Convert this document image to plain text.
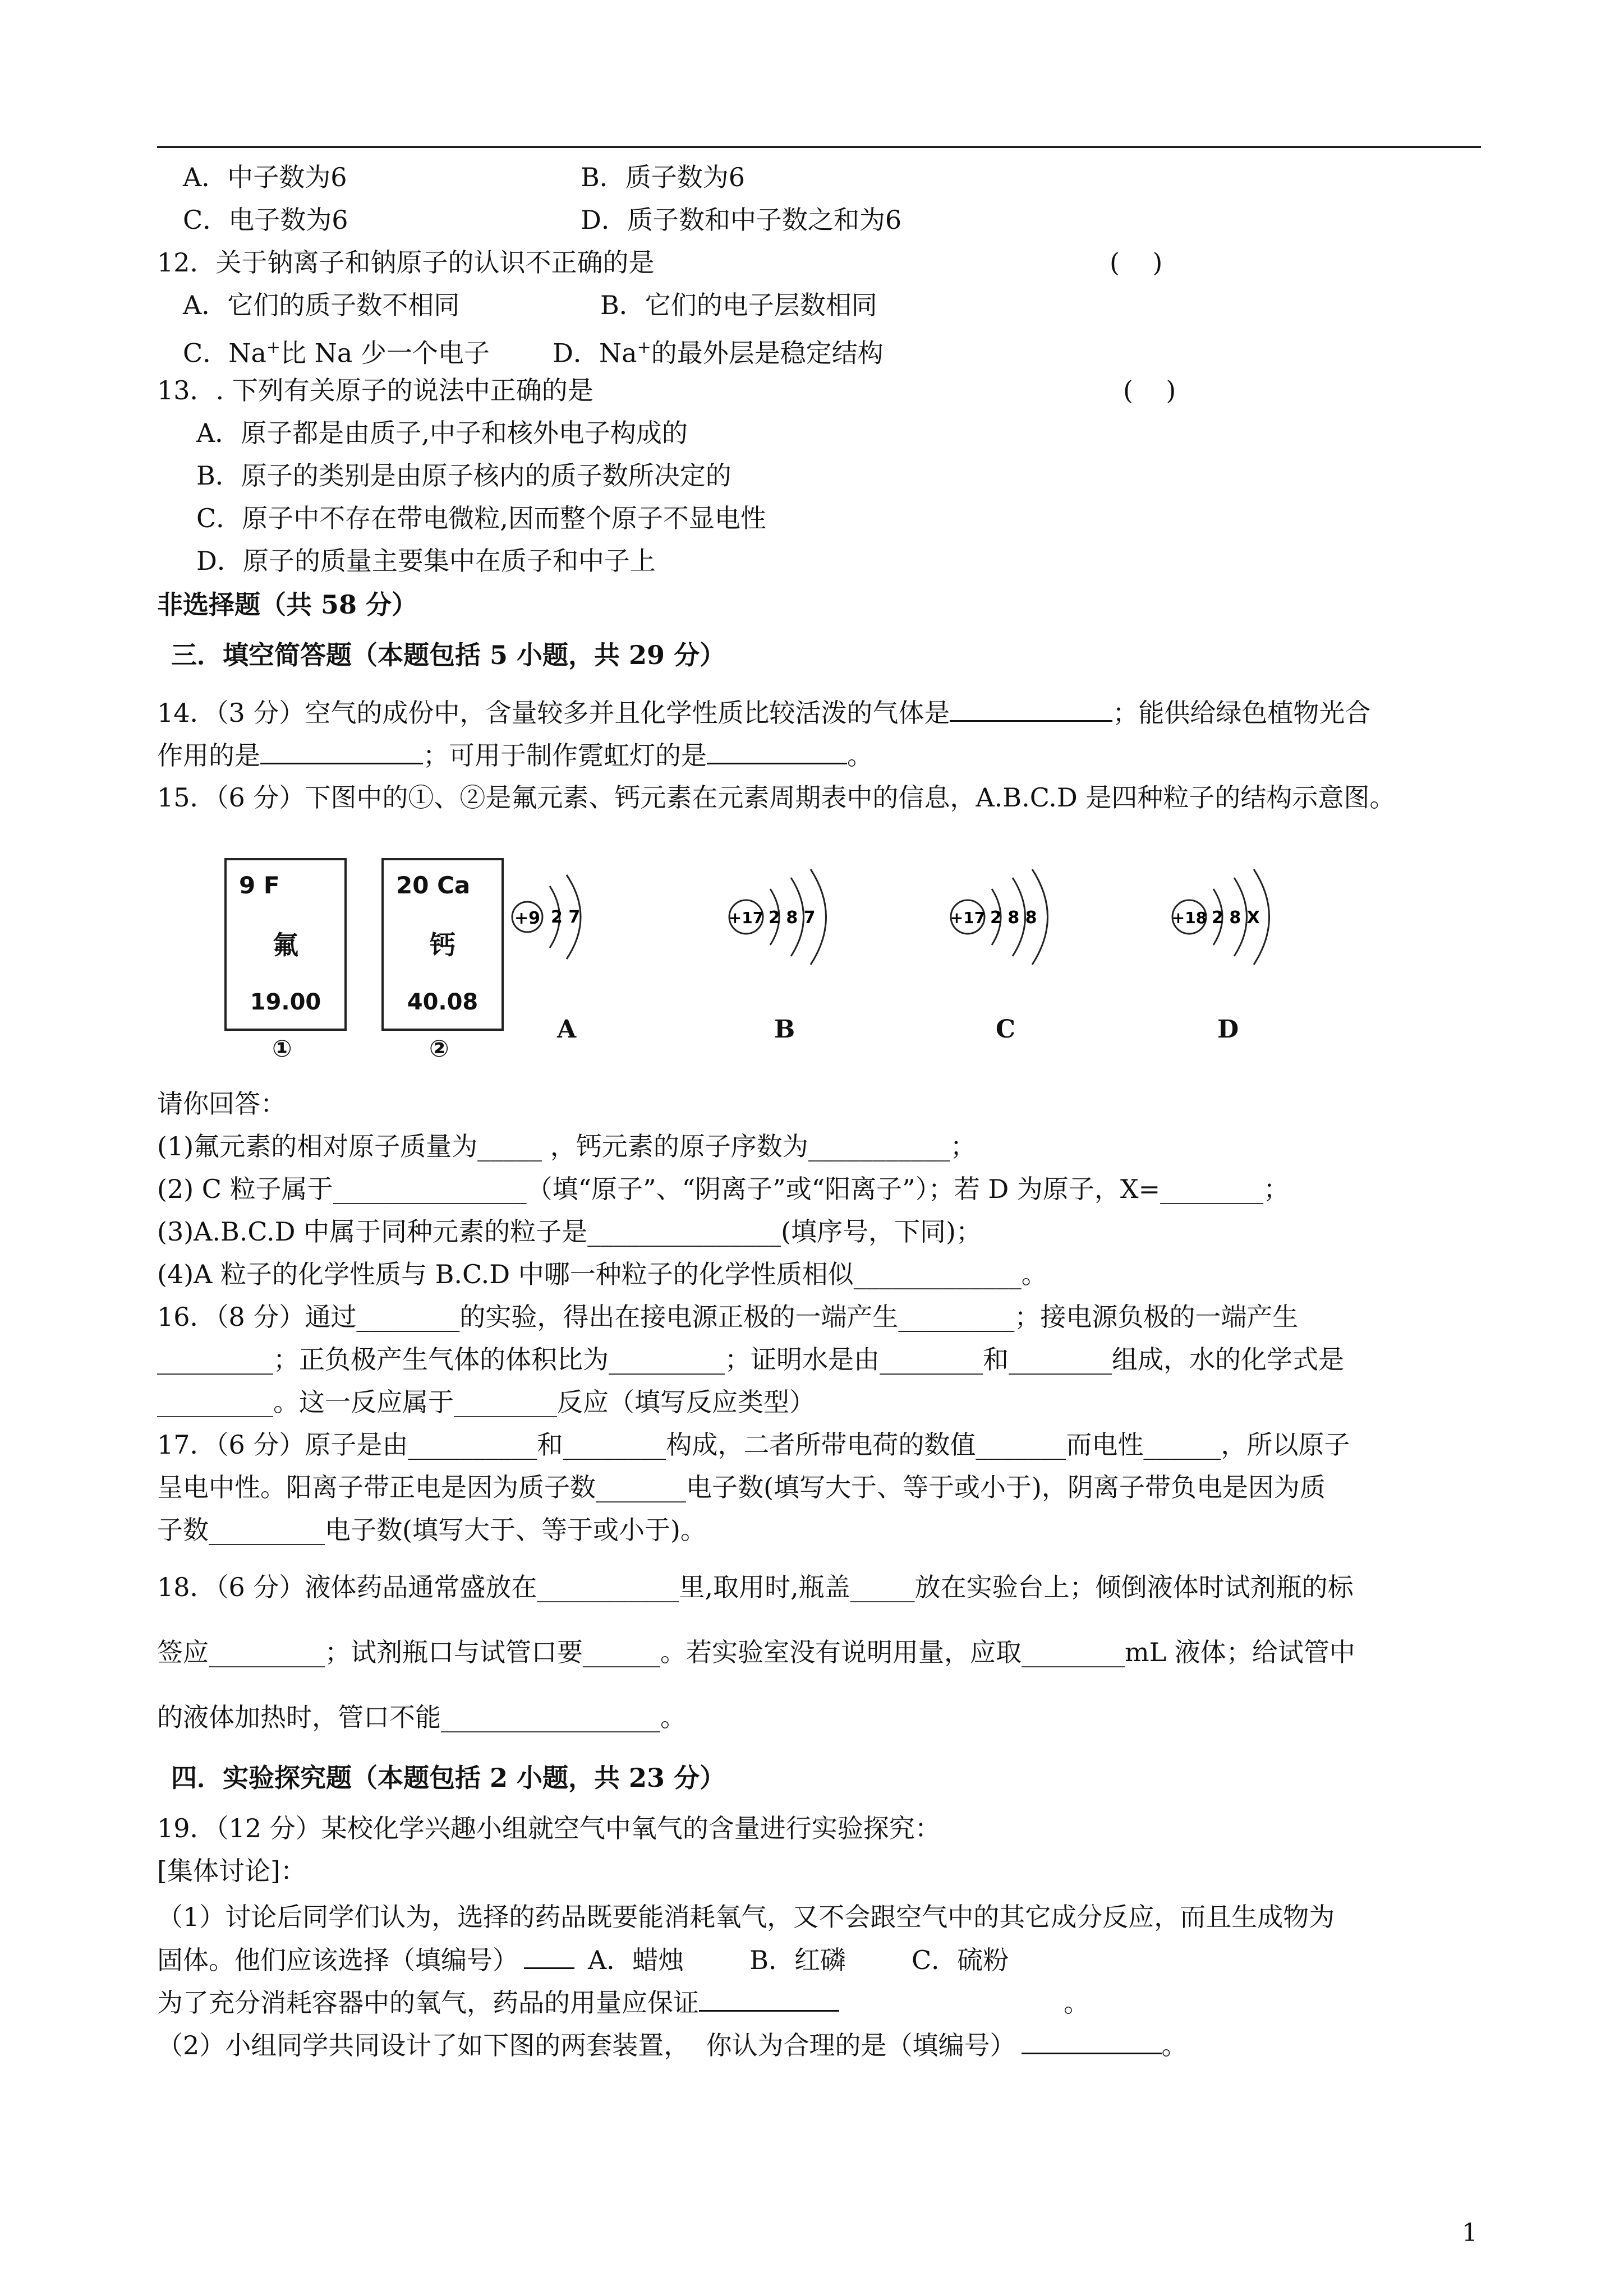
A．中子数为6	B．质子数为6
C．电子数为6	D．质子数和中子数之和为6
12．关于钠离子和钠原子的认识不正确的是	(    )
A．它们的质子数不相同	B．它们的电子层数相同
C．Na+比 Na 少一个电子 D．Na+的最外层是稳定结构
13．. 下列有关原子的说法中正确的是	(    )
A．原子都是由质子,中子和核外电子构成的
B．原子的类别是由原子核内的质子数所决定的
C．原子中不存在带电微粒,因而整个原子不显电性
D．原子的质量主要集中在质子和中子上
非选择题（共 58 分）
三．填空简答题（本题包括 5 小题，共 29 分）
14．（3 分）空气的成份中，含量较多并且化学性质比较活泼的气体是	；能供给绿色植物光合
作用的是	；可用于制作霓虹灯的是	。
15．（6 分）下图中的①、②是氟元素、钙元素在元素周期表中的信息，A.B.C.D 是四种粒子的结构示意图。
9 F
氟
19.00
①
20 Ca
钙
40.08
②
+9 2 7	+17 2 8 7	+17 2 8 8	+18 2 8 X
A	B	C	D
请你回答：
(1)氟元素的相对原子质量为_____ ，钙元素的原子序数为___________；
(2) C 粒子属于_______________（填“原子”、“阴离子”或“阳离子”）；若 D 为原子，X=________；
(3)A.B.C.D 中属于同种元素的粒子是_______________(填序号，下同)；
(4)A 粒子的化学性质与 B.C.D 中哪一种粒子的化学性质相似_____________。
16．（8 分）通过________的实验，得出在接电源正极的一端产生_________；接电源负极的一端产生
_________；正负极产生气体的体积比为_________；证明水是由________和________组成，水的化学式是
_________。这一反应属于________反应（填写反应类型）
17．（6 分）原子是由__________和________构成，二者所带电荷的数值_______而电性______，所以原子
呈电中性。阳离子带正电是因为质子数_______电子数(填写大于、等于或小于)，阴离子带负电是因为质
子数_________电子数(填写大于、等于或小于)。
18．（6 分）液体药品通常盛放在___________里,取用时,瓶盖_____放在实验台上；倾倒液体时试剂瓶的标
签应_________；试剂瓶口与试管口要______。若实验室没有说明用量，应取________mL 液体；给试管中
的液体加热时，管口不能_________________。
四．实验探究题（本题包括 2 小题，共 23 分）
19．（12 分）某校化学兴趣小组就空气中氧气的含量进行实验探究：
[集体讨论]：
（1）讨论后同学们认为，选择的药品既要能消耗氧气，又不会跟空气中的其它成分反应，而且生成物为
固体。他们应该选择（填编号）	A．蜡烛        B．红磷        C．硫粉
为了充分消耗容器中的氧气，药品的用量应保证	。
（2）小组同学共同设计了如下图的两套装置，  你认为合理的是（填编号）	。
1
